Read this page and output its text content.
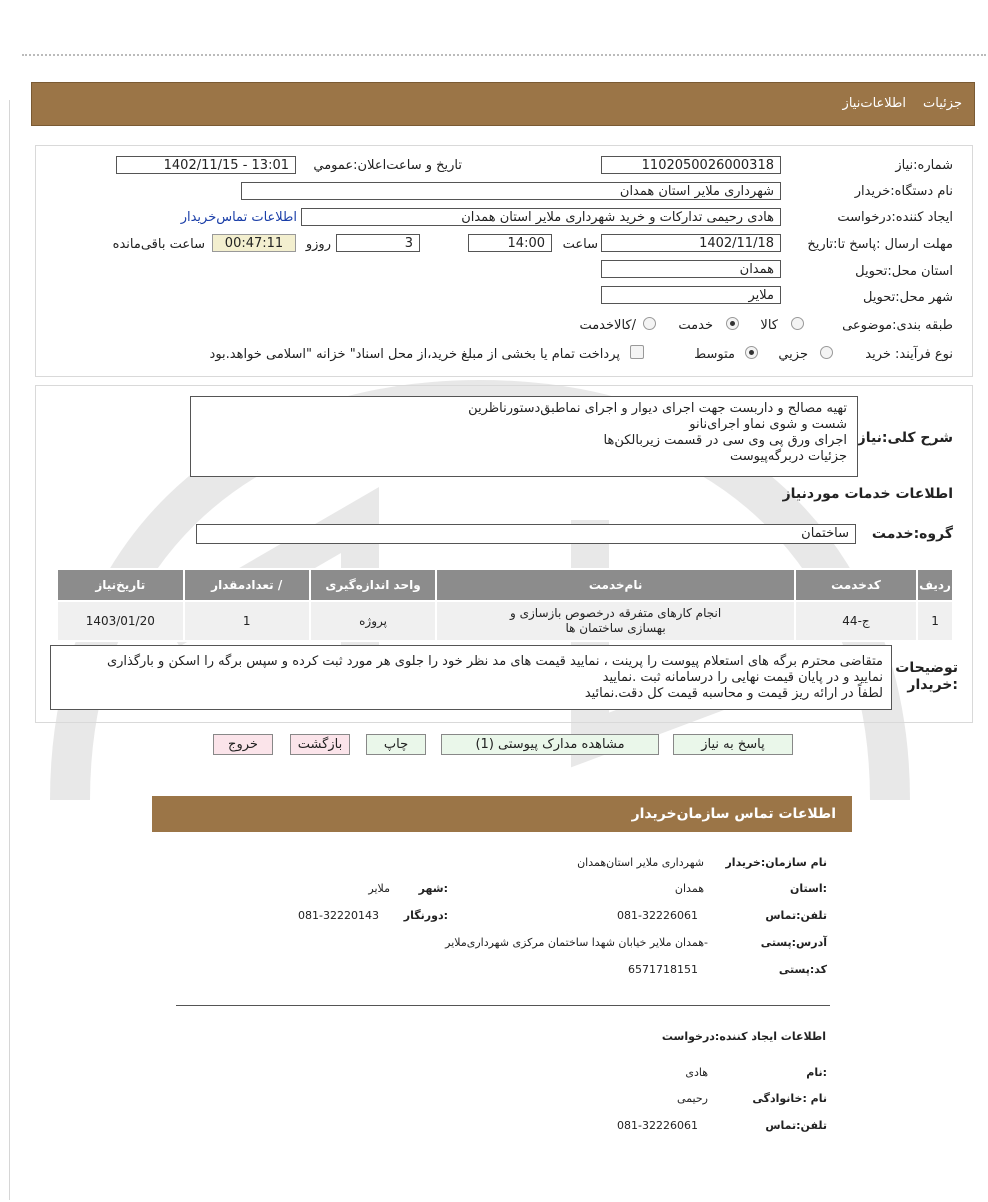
جزئیات
اطلاعات‌نیاز
شماره:نیاز
1102050026000318
تاریخ و ساعت‌اعلان:عمومي
1402/11/15 - 13:01
نام دستگاه:خریدار
شهرداری ملایر استان همدان
ایجاد کننده:درخواست
هادی رحیمی تدارکات و خرید شهرداری ملایر استان همدان
اطلاعات تماس‌خریدار
مهلت ارسال :پاسخ تا:تاریخ
1402/11/18
ساعت
14:00
3
روزو
00:47:11
ساعت باقی‌مانده
استان محل:تحویل
همدان
شهر محل:تحویل
ملایر
طبقه بندی:موضوعی
کالا
خدمت
/کالاخدمت
نوع فرآیند: خرید
جزيي
متوسط
پرداخت تمام یا بخشی از مبلغ خرید،از محل اسناد" خزانه "اسلامی خواهد.بود
شرح کلی:نیاز
تهیه مصالح و داربست جهت اجرای دیوار و اجرای نماطبق‌دستورناظرین
شست و شوی نماو اجرای‌نانو
اجرای ورق پی وی سی در قسمت زیربالکن‌ها
جزئیات دربرگه‌پیوست
اطلاعات خدمات موردنیاز
گروه:خدمت
ساختمان
ردیف	کدخدمت	نام‌خدمت	واحد اندازه‌گیری	/ تعدادمقدار	تاریخ‌نیاز
1	ج-44	انجام کارهای متفرقه درخصوص بازسازی و بهسازی ساختمان ها	پروژه	1	1403/01/20
توضیحات :خریدار
متقاضی محترم برگه های استعلام پیوست را پرینت ، نمایید قیمت های مد نظر خود را جلوی هر مورد ثبت کرده و سپس برگه را اسکن و بارگذاری
نمایید و در پایان قیمت نهایی را درسامانه ثبت .نمایید
لطفاً در ارائه ریز قیمت و محاسبه قیمت کل دقت.نمائید
پاسخ به نیاز
مشاهده مدارک پیوستی (1)
چاپ
بازگشت
خروج
اطلاعات تماس سازمان‌خریدار
نام سازمان:خریدار
شهرداری ملایر استان‌همدان
:استان
همدان
:شهر
ملایر
تلفن:تماس
081-32226061
:دورنگار
081-32220143
آدرس:پستی
-همدان ملایر خیابان شهدا ساختمان مرکزی شهرداری‌ملایر
کد:پستی
6571718151
اطلاعات ایجاد کننده:درخواست
:نام
هادی
نام :خانوادگی
رحیمی
تلفن:تماس
081-32226061
